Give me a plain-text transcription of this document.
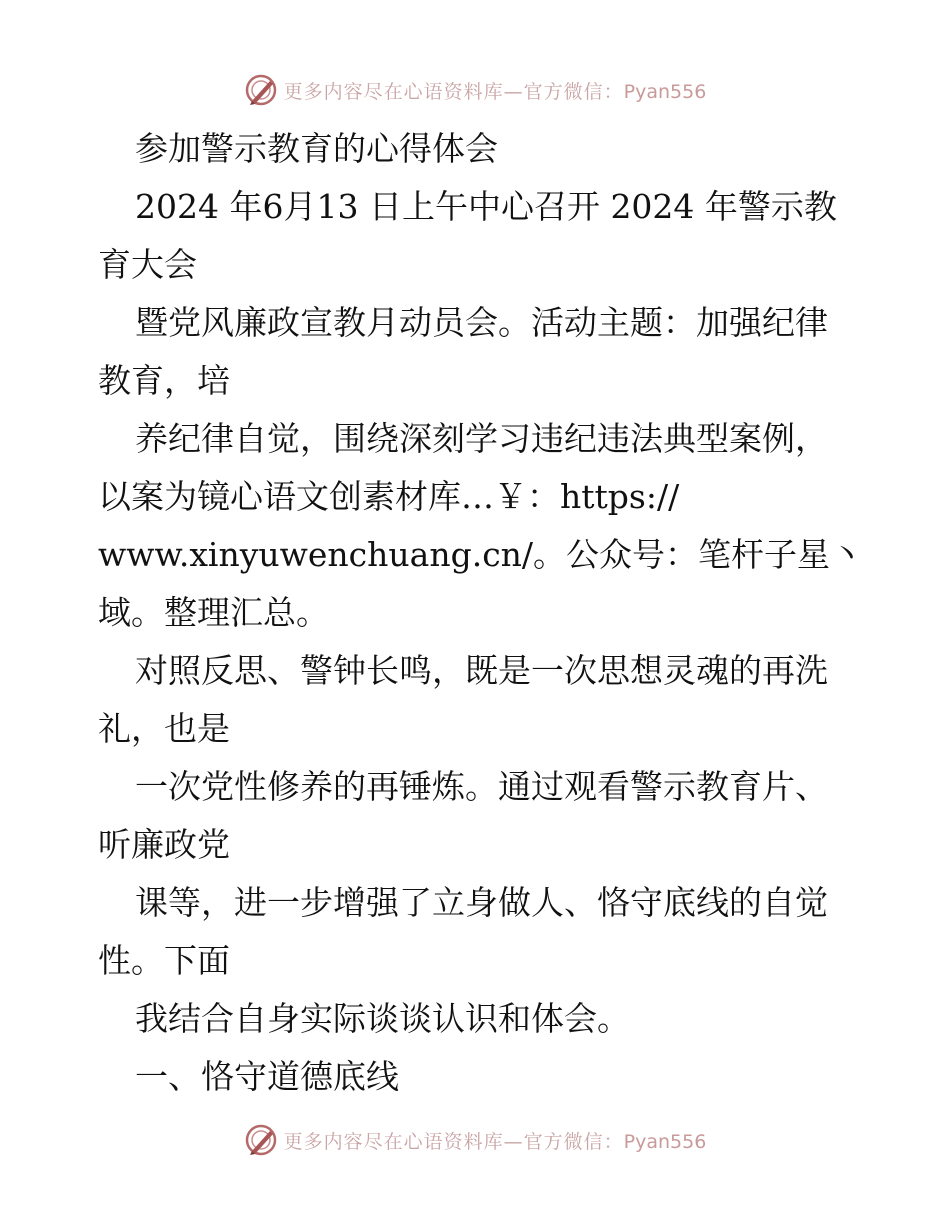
更多内容尽在心语资料库—官方微信：Pyan556
参加警示教育的心得体会
2024 年6月13 日上午中心召开 2024 年警示教
育大会
暨党风廉政宣教月动员会。活动主题：加强纪律
教育，培
养纪律自觉，围绕深刻学习违纪违法典型案例，
以案为镜心语文创素材库…￥：https://
www.xinyuwenchuang.cn/。公众号：笔杆子星丶
域。整理汇总。
对照反思、警钟长鸣，既是一次思想灵魂的再洗
礼，也是
一次党性修养的再锤炼。通过观看警示教育片、
听廉政党
课等，进一步增强了立身做人、恪守底线的自觉
性。下面
我结合自身实际谈谈认识和体会。
一、恪守道德底线
更多内容尽在心语资料库—官方微信：Pyan556
